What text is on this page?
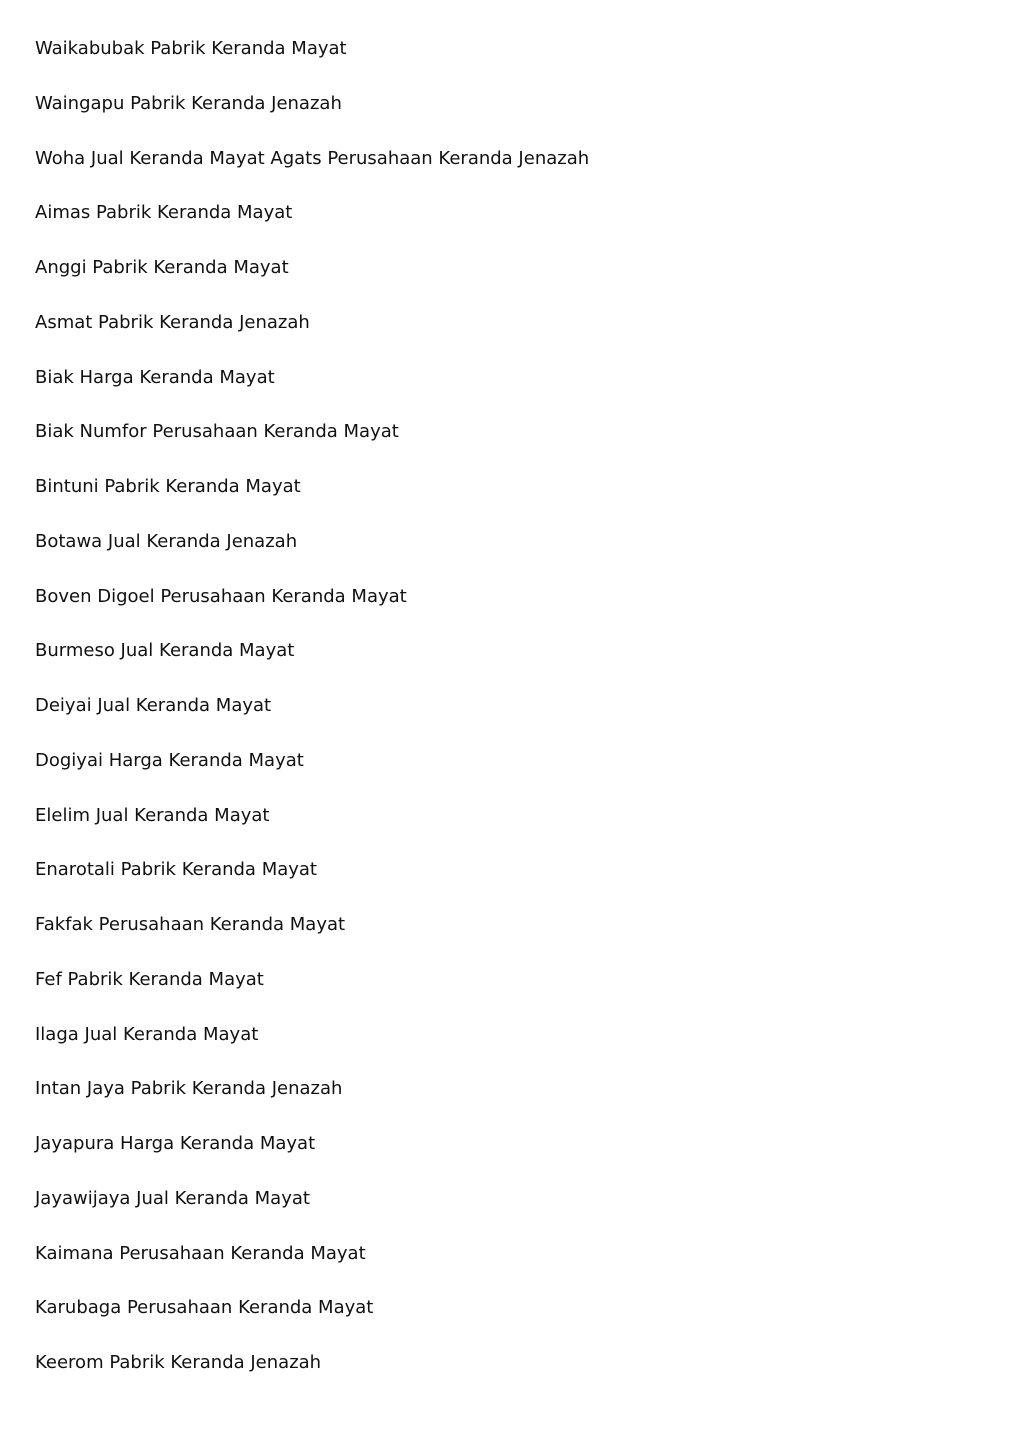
Waikabubak Pabrik Keranda Mayat
Waingapu Pabrik Keranda Jenazah
Woha Jual Keranda Mayat Agats Perusahaan Keranda Jenazah
Aimas Pabrik Keranda Mayat
Anggi Pabrik Keranda Mayat
Asmat Pabrik Keranda Jenazah
Biak Harga Keranda Mayat
Biak Numfor Perusahaan Keranda Mayat
Bintuni Pabrik Keranda Mayat
Botawa Jual Keranda Jenazah
Boven Digoel Perusahaan Keranda Mayat
Burmeso Jual Keranda Mayat
Deiyai Jual Keranda Mayat
Dogiyai Harga Keranda Mayat
Elelim Jual Keranda Mayat
Enarotali Pabrik Keranda Mayat
Fakfak Perusahaan Keranda Mayat
Fef Pabrik Keranda Mayat
Ilaga Jual Keranda Mayat
Intan Jaya Pabrik Keranda Jenazah
Jayapura Harga Keranda Mayat
Jayawijaya Jual Keranda Mayat
Kaimana Perusahaan Keranda Mayat
Karubaga Perusahaan Keranda Mayat
Keerom Pabrik Keranda Jenazah
